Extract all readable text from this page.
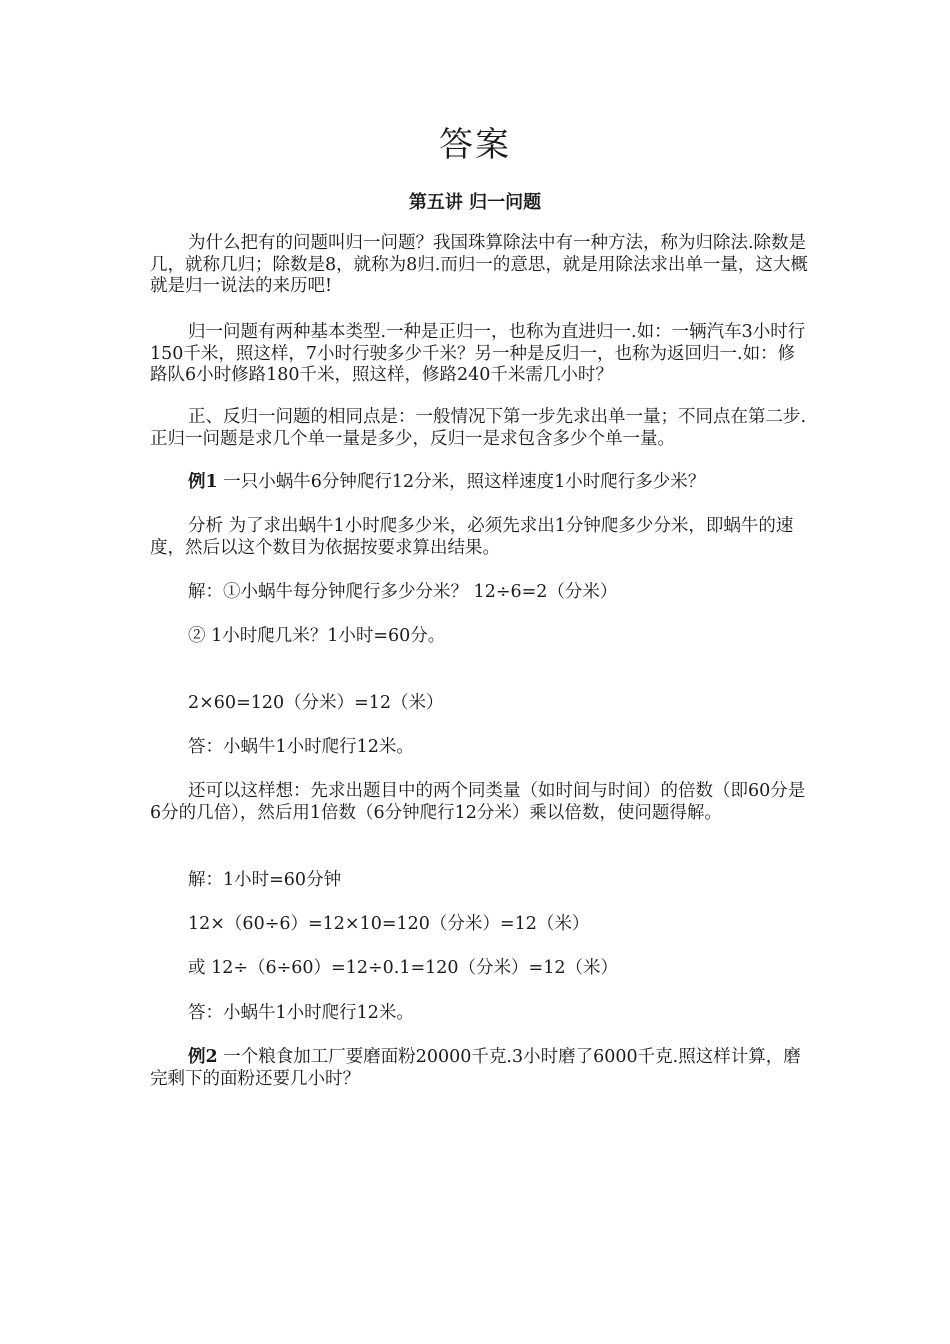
答案
第五讲 归一问题

为什么把有的问题叫归一问题？我国珠算除法中有一种方法，称为归除法.除数是几，就称几归；除数是8，就称为8归.而归一的意思，就是用除法求出单一量，这大概就是归一说法的来历吧!

归一问题有两种基本类型.一种是正归一，也称为直进归一.如：一辆汽车3小时行150千米，照这样，7小时行驶多少千米？另一种是反归一，也称为返回归一.如：修路队6小时修路180千米，照这样，修路240千米需几小时？

正、反归一问题的相同点是：一般情况下第一步先求出单一量；不同点在第二步.正归一问题是求几个单一量是多少，反归一是求包含多少个单一量。

例1 一只小蜗牛6分钟爬行12分米，照这样速度1小时爬行多少米？

分析 为了求出蜗牛1小时爬多少米，必须先求出1分钟爬多少分米，即蜗牛的速度，然后以这个数目为依据按要求算出结果。

解：①小蜗牛每分钟爬行多少分米？ 12÷6=2（分米）

② 1小时爬几米？1小时=60分。

2×60=120（分米）=12（米）

答：小蜗牛1小时爬行12米。

还可以这样想：先求出题目中的两个同类量（如时间与时间）的倍数（即60分是6分的几倍），然后用1倍数（6分钟爬行12分米）乘以倍数，使问题得解。

解：1小时=60分钟

12×（60÷6）=12×10=120（分米）=12（米）

或 12÷（6÷60）=12÷0.1=120（分米）=12（米）

答：小蜗牛1小时爬行12米。

例2 一个粮食加工厂要磨面粉20000千克.3小时磨了6000千克.照这样计算，磨完剩下的面粉还要几小时？
